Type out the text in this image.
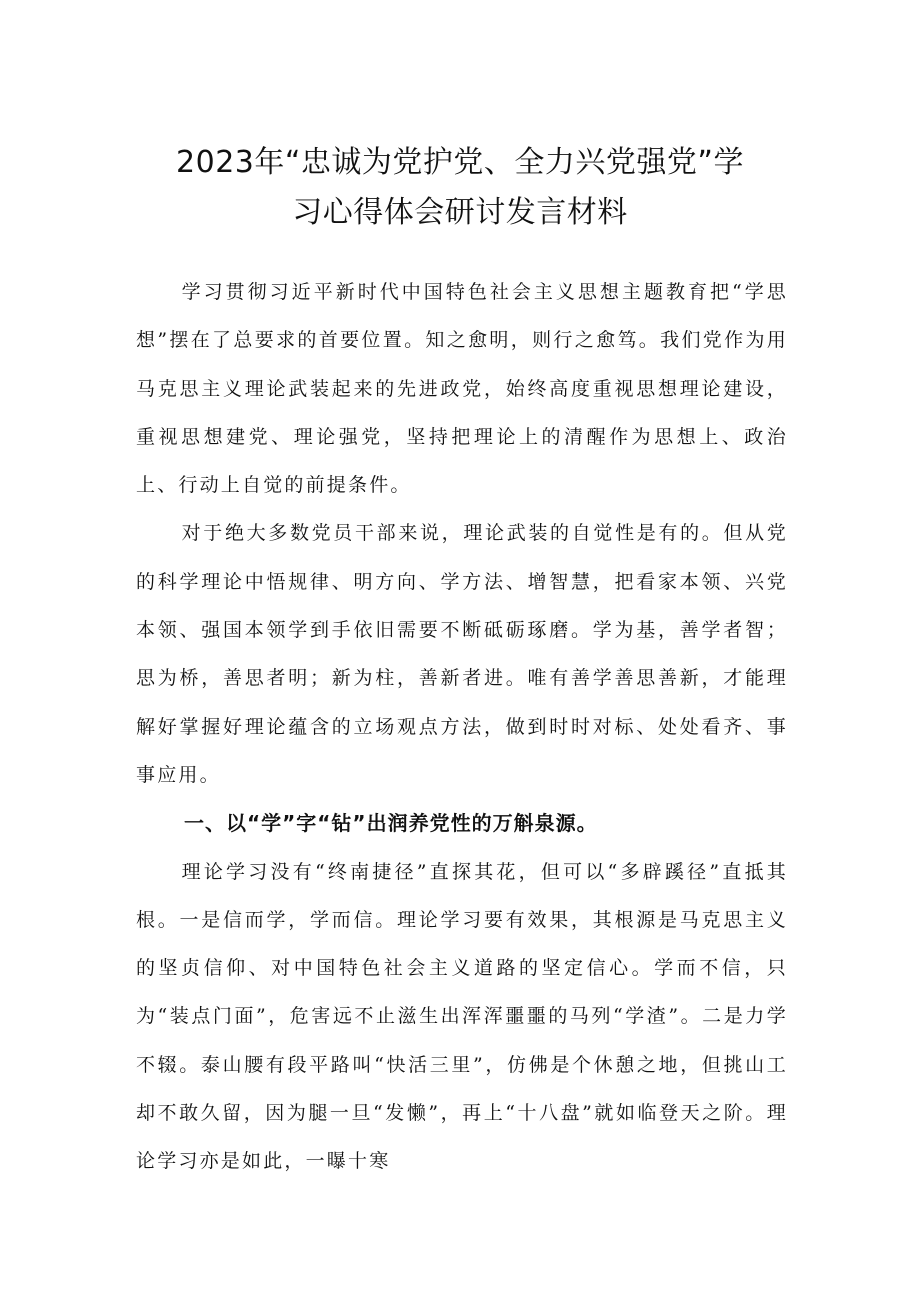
2023年“忠诚为党护党、全力兴党强党”学
习心得体会研讨发言材料

学习贯彻习近平新时代中国特色社会主义思想主题教育把“学思想”摆在了总要求的首要位置。知之愈明，则行之愈笃。我们党作为用马克思主义理论武装起来的先进政党，始终高度重视思想理论建设，重视思想建党、理论强党，坚持把理论上的清醒作为思想上、政治上、行动上自觉的前提条件。

对于绝大多数党员干部来说，理论武装的自觉性是有的。但从党的科学理论中悟规律、明方向、学方法、增智慧，把看家本领、兴党本领、强国本领学到手依旧需要不断砥砺琢磨。学为基，善学者智；思为桥，善思者明；新为柱，善新者进。唯有善学善思善新，才能理解好掌握好理论蕴含的立场观点方法，做到时时对标、处处看齐、事事应用。

一、以“学”字“钻”出润养党性的万斛泉源。

理论学习没有“终南捷径”直探其花，但可以“多辟蹊径”直抵其根。一是信而学，学而信。理论学习要有效果，其根源是马克思主义的坚贞信仰、对中国特色社会主义道路的坚定信心。学而不信，只为“装点门面”，危害远不止滋生出浑浑噩噩的马列“学渣”。二是力学不辍。泰山腰有段平路叫“快活三里”，仿佛是个休憩之地，但挑山工却不敢久留，因为腿一旦“发懒”，再上“十八盘”就如临登天之阶。理论学习亦是如此，一曝十寒
